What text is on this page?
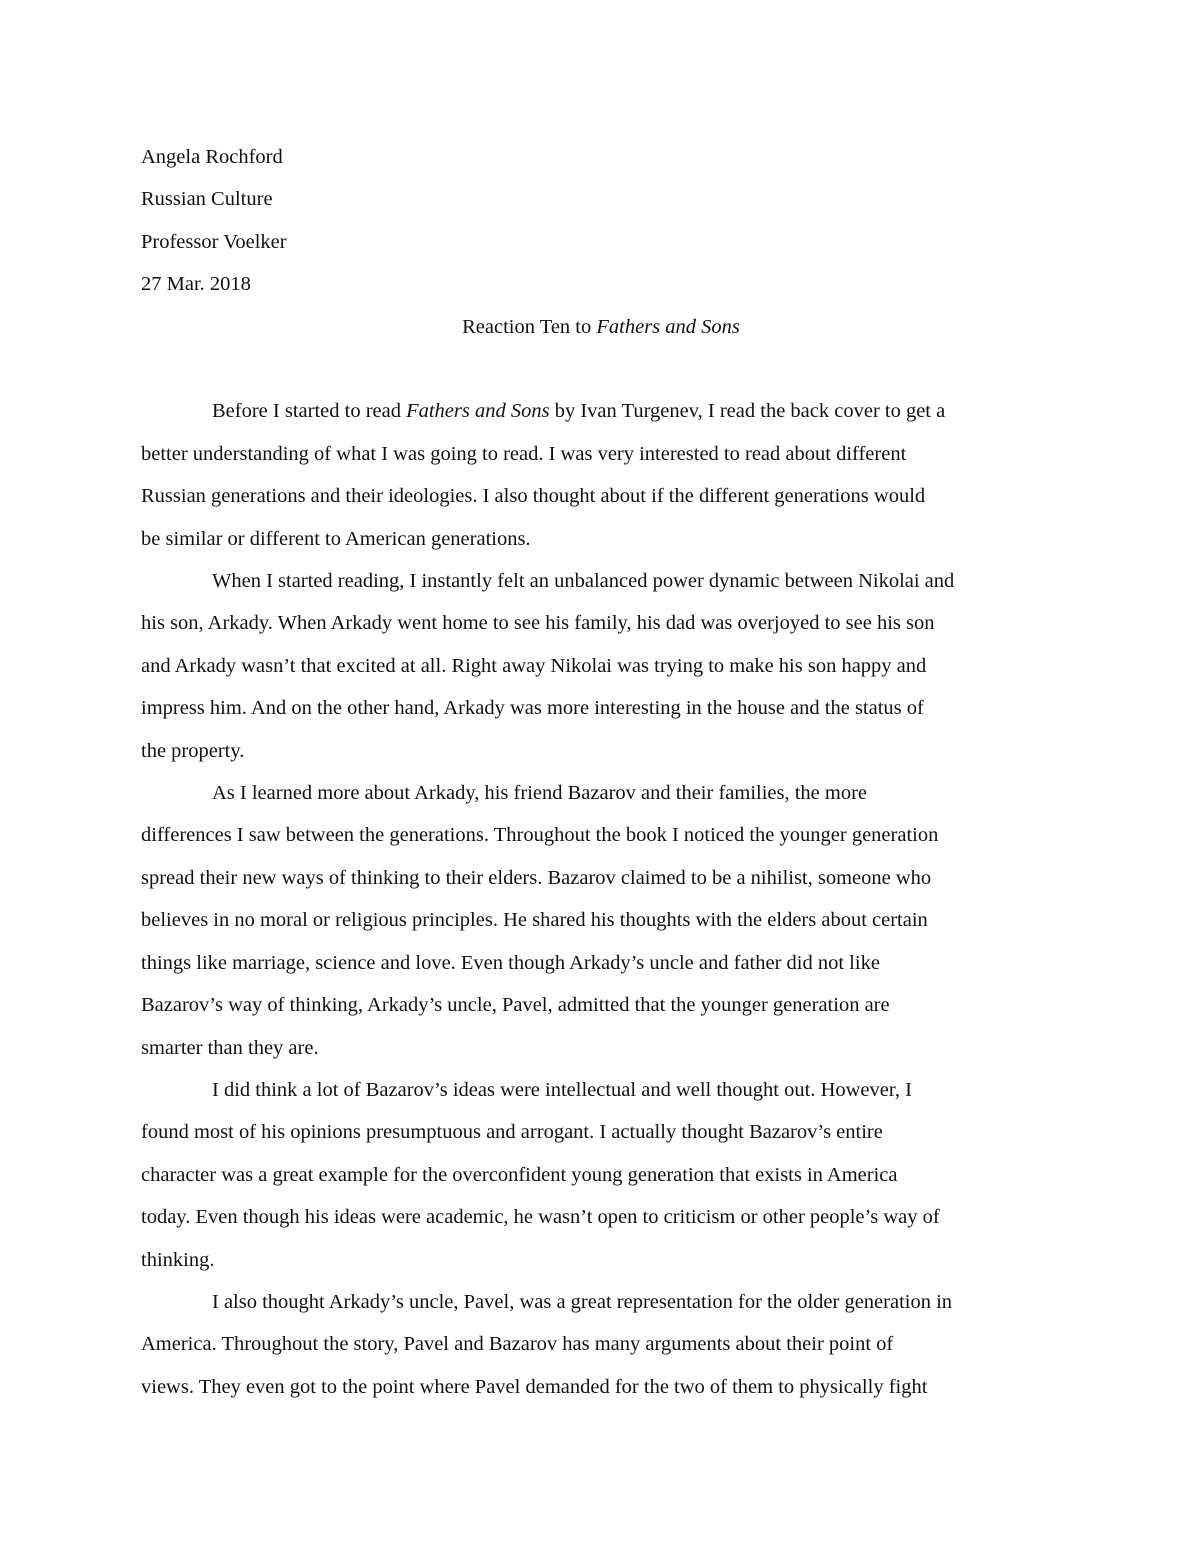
Angela Rochford

Russian Culture

Professor Voelker

27 Mar. 2018

Reaction Ten to Fathers and Sons

Before I started to read Fathers and Sons by Ivan Turgenev, I read the back cover to get a
better understanding of what I was going to read. I was very interested to read about different
Russian generations and their ideologies. I also thought about if the different generations would
be similar or different to American generations.
When I started reading, I instantly felt an unbalanced power dynamic between Nikolai and
his son, Arkady. When Arkady went home to see his family, his dad was overjoyed to see his son
and Arkady wasn’t that excited at all. Right away Nikolai was trying to make his son happy and
impress him. And on the other hand, Arkady was more interesting in the house and the status of
the property.
As I learned more about Arkady, his friend Bazarov and their families, the more
differences I saw between the generations. Throughout the book I noticed the younger generation
spread their new ways of thinking to their elders. Bazarov claimed to be a nihilist, someone who
believes in no moral or religious principles. He shared his thoughts with the elders about certain
things like marriage, science and love. Even though Arkady’s uncle and father did not like
Bazarov’s way of thinking, Arkady’s uncle, Pavel, admitted that the younger generation are
smarter than they are.
I did think a lot of Bazarov’s ideas were intellectual and well thought out. However, I
found most of his opinions presumptuous and arrogant. I actually thought Bazarov’s entire
character was a great example for the overconfident young generation that exists in America
today. Even though his ideas were academic, he wasn’t open to criticism or other people’s way of
thinking.
I also thought Arkady’s uncle, Pavel, was a great representation for the older generation in
America. Throughout the story, Pavel and Bazarov has many arguments about their point of
views. They even got to the point where Pavel demanded for the two of them to physically fight
